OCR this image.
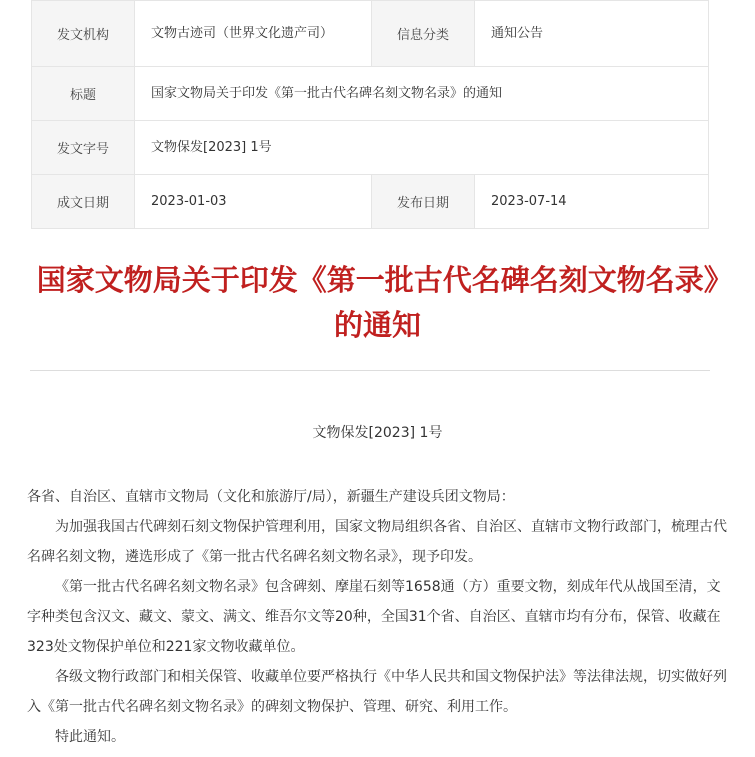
发文机构	文物古迹司（世界文化遗产司）	信息分类	通知公告
标题	国家文物局关于印发《第一批古代名碑名刻文物名录》的通知		
发文字号	文物保发[2023] 1号		
成文日期	2023-01-03	发布日期	2023-07-14
国家文物局关于印发《第一批古代名碑名刻文物名录》的通知
文物保发[2023] 1号

各省、自治区、直辖市文物局（文化和旅游厅/局），新疆生产建设兵团文物局：

为加强我国古代碑刻石刻文物保护管理利用，国家文物局组织各省、自治区、直辖市文物行政部门，梳理古代名碑名刻文物，遴选形成了《第一批古代名碑名刻文物名录》，现予印发。

《第一批古代名碑名刻文物名录》包含碑刻、摩崖石刻等1658通（方）重要文物，刻成年代从战国至清，文字种类包含汉文、藏文、蒙文、满文、维吾尔文等20种，全国31个省、自治区、直辖市均有分布，保管、收藏在323处文物保护单位和221家文物收藏单位。

各级文物行政部门和相关保管、收藏单位要严格执行《中华人民共和国文物保护法》等法律法规，切实做好列入《第一批古代名碑名刻文物名录》的碑刻文物保护、管理、研究、利用工作。

特此通知。
